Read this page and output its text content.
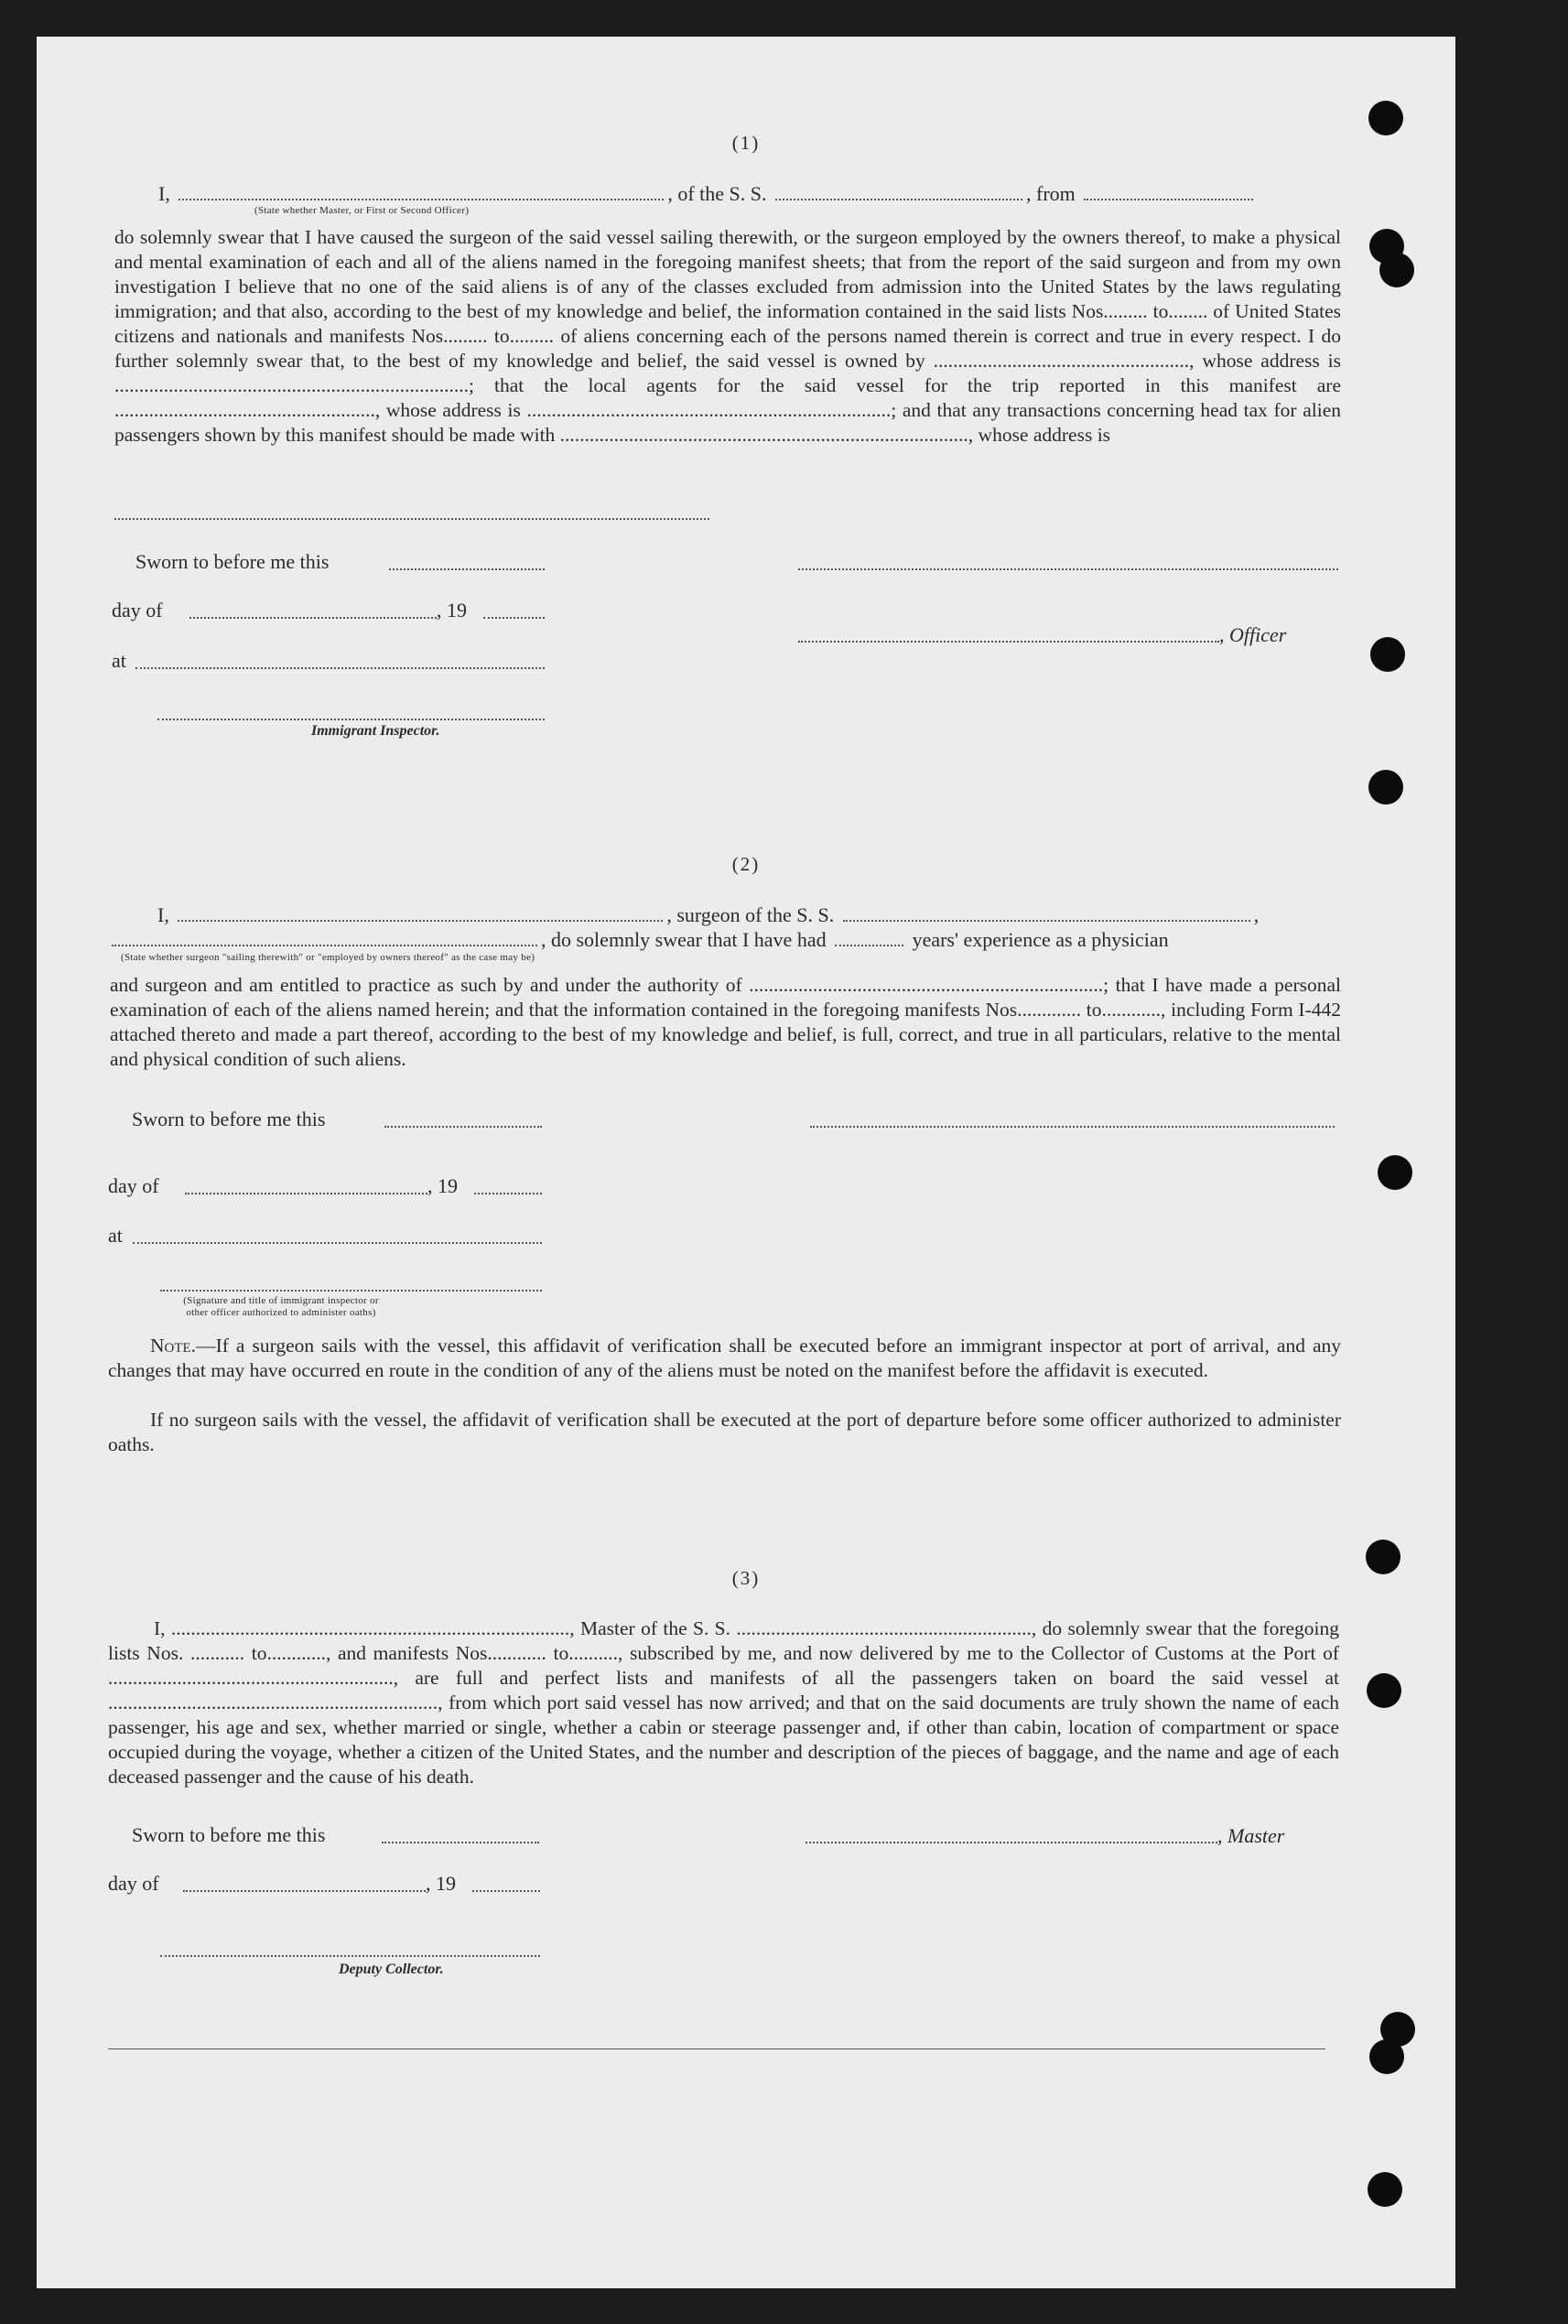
(1)
I,	, of the S. S.	, from
(State whether Master, or First or Second Officer)

do solemnly swear that I have caused the surgeon of the said vessel sailing therewith, or the surgeon employed by the owners thereof, to make a physical and mental examination of each and all of the aliens named in the foregoing manifest sheets; that from the report of the said surgeon and from my own investigation I believe that no one of the said aliens is of any of the classes excluded from admission into the United States by the laws regulating immigration; and that also, according to the best of my knowledge and belief, the information contained in the said lists Nos......... to........ of United States citizens and nationals and manifests Nos......... to......... of aliens concerning each of the persons named therein is correct and true in every respect. I do further solemnly swear that, to the best of my knowledge and belief, the said vessel is owned by ...................................................., whose address is ........................................................................; that the local agents for the said vessel for the trip reported in this manifest are ....................................................., whose address is ..........................................................................; and that any transactions concerning head tax for alien passengers shown by this manifest should be made with ..................................................................................., whose address is

Sworn to before me this
day of	, 19
, Officer
at
Immigrant Inspector.
(2)
I,	, surgeon of the S. S.	,
, do solemnly swear that I have had	years' experience as a physician
(State whether surgeon "sailing therewith" or "employed by owners thereof" as the case may be)

and surgeon and am entitled to practice as such by and under the authority of ........................................................................; that I have made a personal examination of each of the aliens named herein; and that the information contained in the foregoing manifests Nos............. to............, including Form I-442 attached thereto and made a part thereof, according to the best of my knowledge and belief, is full, correct, and true in all particulars, relative to the mental and physical condition of such aliens.

Sworn to before me this
day of	, 19
at
(Signature and title of immigrant inspector or other officer authorized to administer oaths)

Note.—If a surgeon sails with the vessel, this affidavit of verification shall be executed before an immigrant inspector at port of arrival, and any changes that may have occurred en route in the condition of any of the aliens must be noted on the manifest before the affidavit is executed.

If no surgeon sails with the vessel, the affidavit of verification shall be executed at the port of departure before some officer authorized to administer oaths.

(3)

I, ................................................................................., Master of the S. S. ............................................................, do solemnly swear that the foregoing lists Nos. ........... to............, and manifests Nos............ to.........., subscribed by me, and now delivered by me to the Collector of Customs at the Port of .........................................................., are full and perfect lists and manifests of all the passengers taken on board the said vessel at ..................................................................., from which port said vessel has now arrived; and that on the said documents are truly shown the name of each passenger, his age and sex, whether married or single, whether a cabin or steerage passenger and, if other than cabin, location of compartment or space occupied during the voyage, whether a citizen of the United States, and the number and description of the pieces of baggage, and the name and age of each deceased passenger and the cause of his death.

Sworn to before me this	, Master
day of	, 19
Deputy Collector.
